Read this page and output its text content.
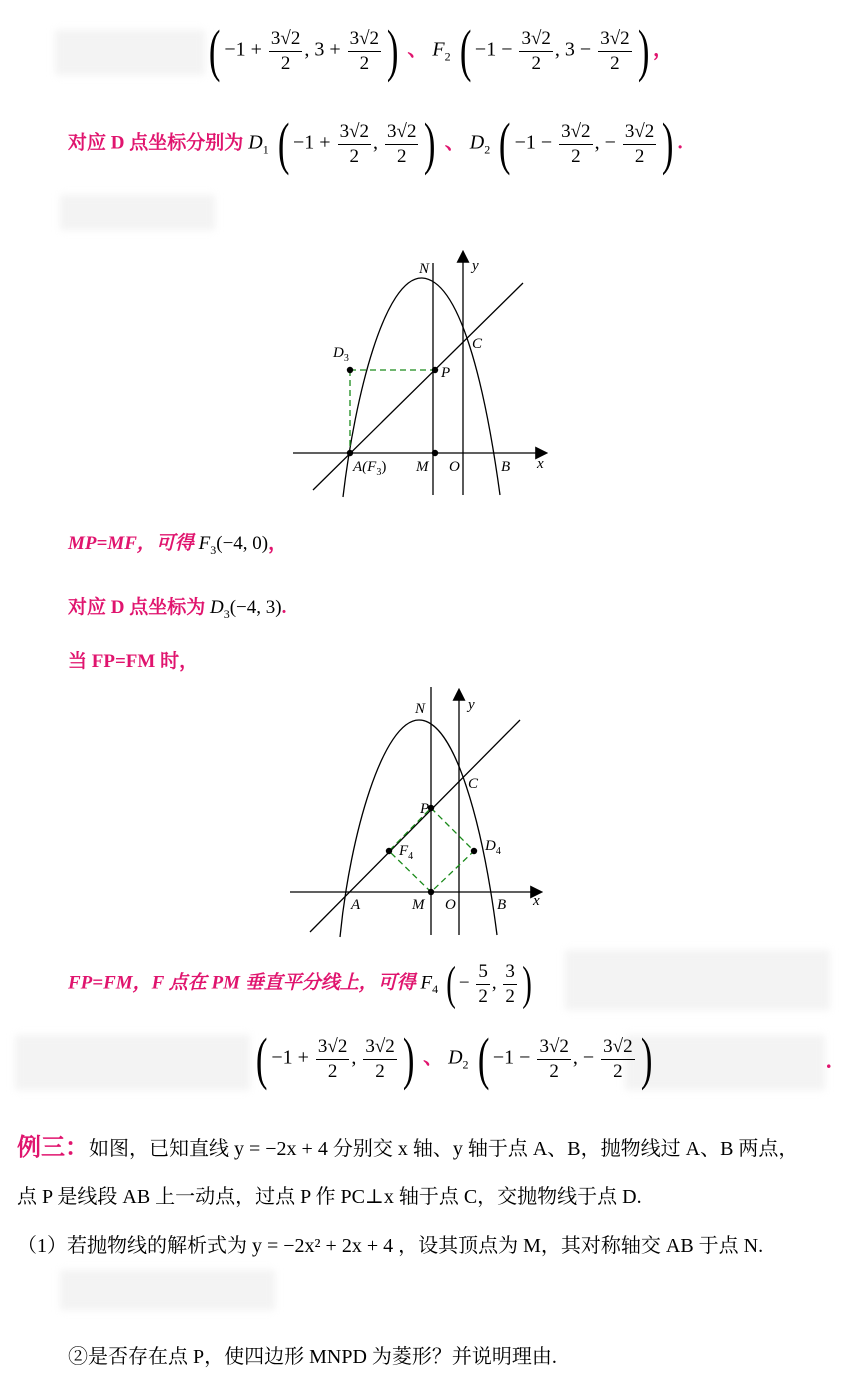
( $-1 + \frac{3√2}{2}$ , $3 + \frac{3√2}{2}$ ) 、 $F_2$ ( $-1 - \frac{3√2}{2}$ , $3 - \frac{3√2}{2}$ ) ，
对应 D 点坐标分别为 $D_1$ ( $-1 + \frac{3√2}{2}$ , $\frac{3√2}{2}$ ) 、 $D_2$ ( $-1 - \frac{3√2}{2}$ , − $\frac{3√2}{2}$ ) .
N	y
C
$D_3$
P
$A(F_3)$ M O	B x
MP=MF，可得 $F_3(-4$, 0)，
对应 D 点坐标为 $D_3(-4$, 3).
当 FP=FM 时，
N	y
C
P
$D_4$
$F_4$
A	M O	B x
FP=FM，F 点在 PM 垂直平分线上，可得 $F_4$ ( − $\frac{5}{2}$ , $\frac{3}{2}$ )
( $-1 + \frac{3√2}{2}$ , $\frac{3√2}{2}$ ) 、 $D_2$ ( $-1 - \frac{3√2}{2}$ , − $\frac{3√2}{2}$ )	.
例三：如图，已知直线 y = −2x + 4 分别交 x 轴、y 轴于点 A、B，抛物线过 A、B 两点，
点 P 是线段 AB 上一动点，过点 P 作 PC⊥x 轴于点 C，交抛物线于点 D.
（1）若抛物线的解析式为 y = −2x² + 2x + 4 ，设其顶点为 M，其对称轴交 AB 于点 N.
②是否存在点 P，使四边形 MNPD 为菱形？并说明理由.
